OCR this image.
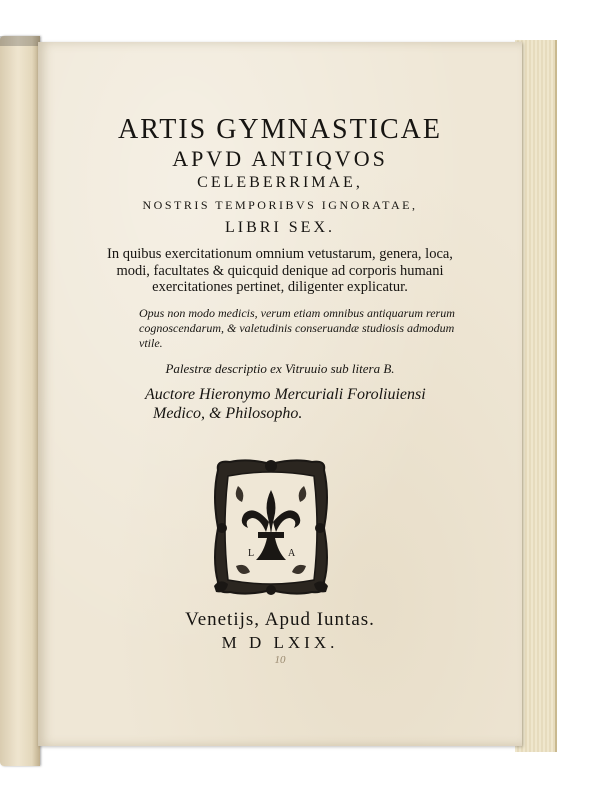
ARTIS GYMNASTICAE
APVD ANTIQVOS
CELEBERRIMAE,
NOSTRIS TEMPORIBVS IGNORATAE,
LIBRI SEX.
In quibus exercitationum omnium vetustarum, genera, loca, modi, facultates & quicquid denique ad corporis humani exercitationes pertinet, diligenter explicatur.
Opus non modo medicis, verum etiam omnibus antiquarum rerum cognoscendarum, & valetudinis conseruandæ studiosis admodum vtile.
Palestræ descriptio ex Vitruuio sub litera B.
Auctore Hieronymo Mercuriali Foroliuiensi
Medico, & Philosopho.
L	A
Venetijs, Apud Iuntas.
M D LXIX.
10
